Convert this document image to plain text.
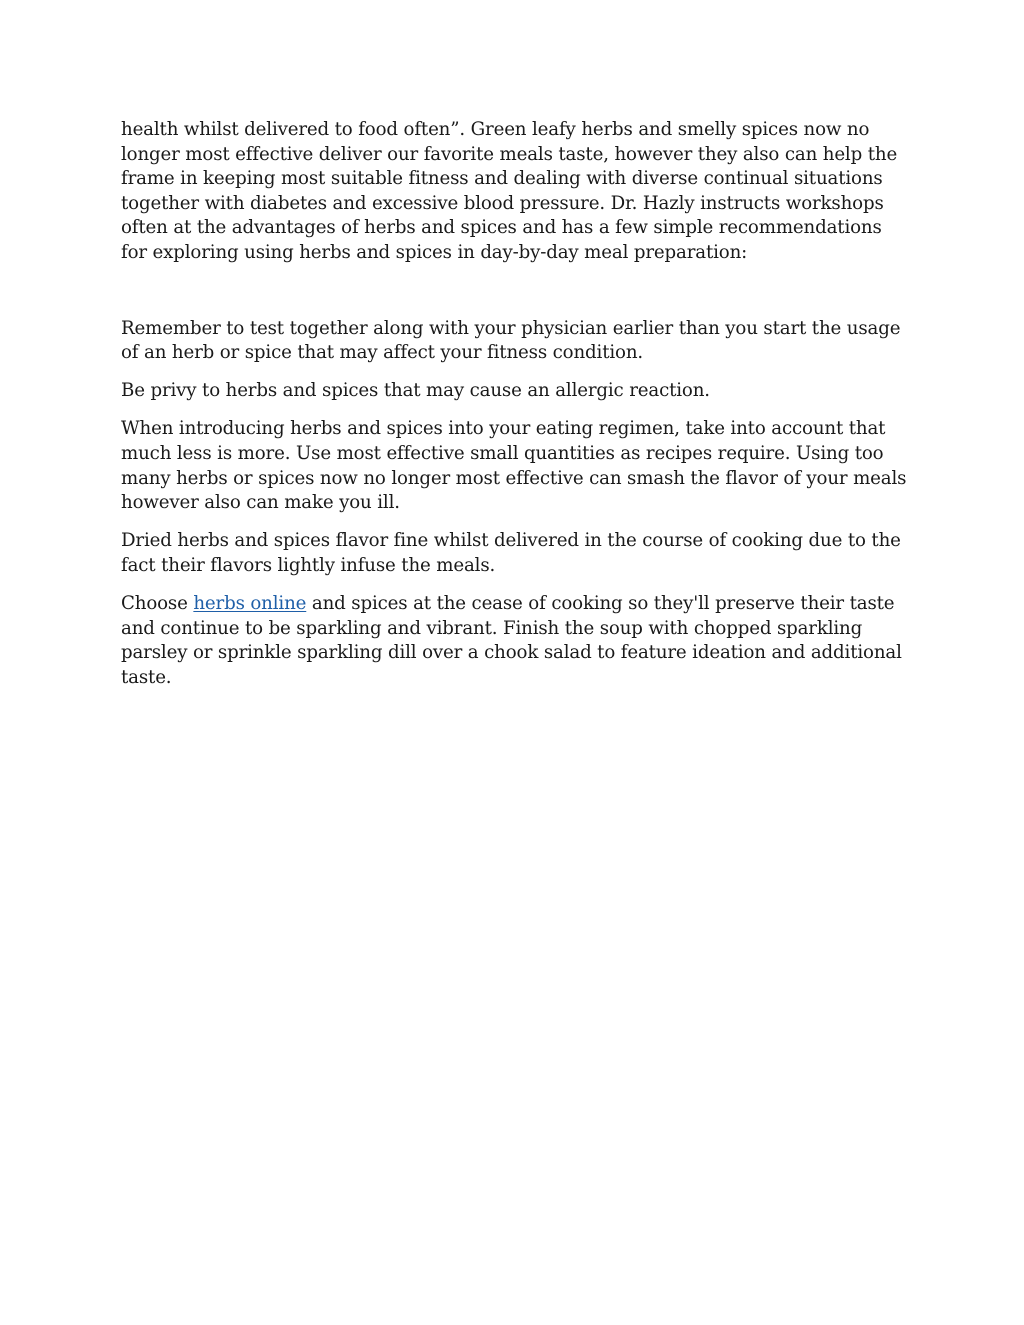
health whilst delivered to food often”. Green leafy herbs and smelly spices now no longer most effective deliver our favorite meals taste, however they also can help the frame in keeping most suitable fitness and dealing with diverse continual situations together with diabetes and excessive blood pressure. Dr. Hazly instructs workshops often at the advantages of herbs and spices and has a few simple recommendations for exploring using herbs and spices in day-by-day meal preparation:

Remember to test together along with your physician earlier than you start the usage of an herb or spice that may affect your fitness condition.

Be privy to herbs and spices that may cause an allergic reaction.

When introducing herbs and spices into your eating regimen, take into account that much less is more. Use most effective small quantities as recipes require. Using too many herbs or spices now no longer most effective can smash the flavor of your meals however also can make you ill.

Dried herbs and spices flavor fine whilst delivered in the course of cooking due to the fact their flavors lightly infuse the meals.

Choose herbs online and spices at the cease of cooking so they'll preserve their taste and continue to be sparkling and vibrant. Finish the soup with chopped sparkling parsley or sprinkle sparkling dill over a chook salad to feature ideation and additional taste.
